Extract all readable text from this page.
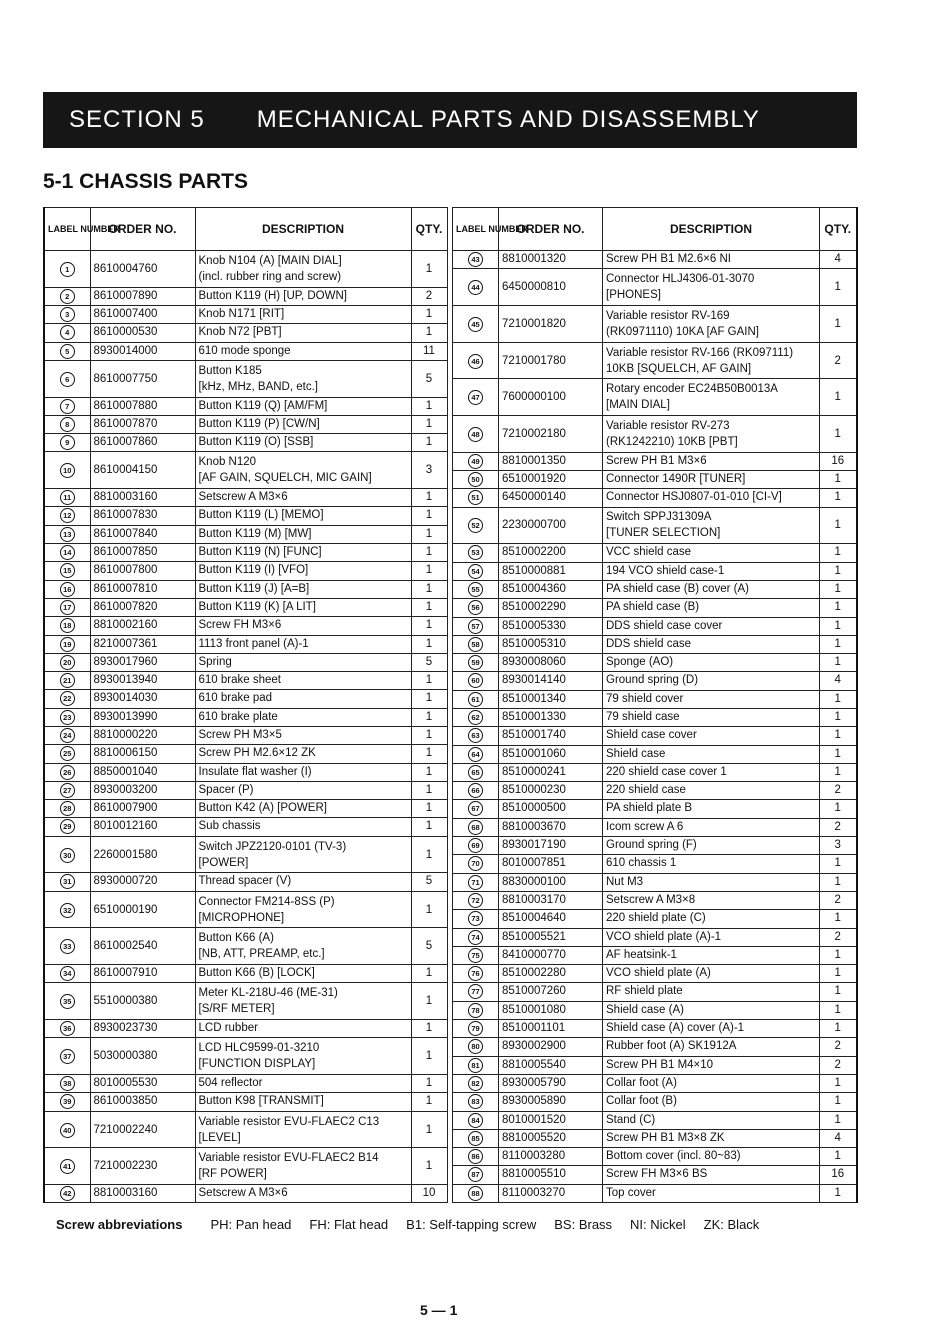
SECTION 5 MECHANICAL PARTS AND DISASSEMBLY
5-1 CHASSIS PARTS
LABEL NUMBER	ORDER NO.	DESCRIPTION	QTY.
1	8610004760	Knob N104 (A) [MAIN DIAL]
(incl. rubber ring and screw)	1
2	8610007890	Button K119 (H) [UP, DOWN]	2
3	8610007400	Knob N171 [RIT]	1
4	8610000530	Knob N72 [PBT]	1
5	8930014000	610 mode sponge	11
6	8610007750	Button K185
[kHz, MHz, BAND, etc.]	5
7	8610007880	Button K119 (Q) [AM/FM]	1
8	8610007870	Button K119 (P) [CW/N]	1
9	8610007860	Button K119 (O) [SSB]	1
10	8610004150	Knob N120
[AF GAIN, SQUELCH, MIC GAIN]	3
11	8810003160	Setscrew A M3×6	1
12	8610007830	Button K119 (L) [MEMO]	1
13	8610007840	Button K119 (M) [MW]	1
14	8610007850	Button K119 (N) [FUNC]	1
15	8610007800	Button K119 (I) [VFO]	1
16	8610007810	Button K119 (J) [A=B]	1
17	8610007820	Button K119 (K) [A LIT]	1
18	8810002160	Screw FH M3×6	1
19	8210007361	1113 front panel (A)-1	1
20	8930017960	Spring	5
21	8930013940	610 brake sheet	1
22	8930014030	610 brake pad	1
23	8930013990	610 brake plate	1
24	8810000220	Screw PH M3×5	1
25	8810006150	Screw PH M2.6×12 ZK	1
26	8850001040	Insulate flat washer (I)	1
27	8930003200	Spacer (P)	1
28	8610007900	Button K42 (A) [POWER]	1
29	8010012160	Sub chassis	1
30	2260001580	Switch JPZ2120-0101 (TV-3)
[POWER]	1
31	8930000720	Thread spacer (V)	5
32	6510000190	Connector FM214-8SS (P)
[MICROPHONE]	1
33	8610002540	Button K66 (A)
[NB, ATT, PREAMP, etc.]	5
34	8610007910	Button K66 (B) [LOCK]	1
35	5510000380	Meter KL-218U-46 (ME-31)
[S/RF METER]	1
36	8930023730	LCD rubber	1
37	5030000380	LCD HLC9599-01-3210
[FUNCTION DISPLAY]	1
38	8010005530	504 reflector	1
39	8610003850	Button K98 [TRANSMIT]	1
40	7210002240	Variable resistor EVU-FLAEC2 C13
[LEVEL]	1
41	7210002230	Variable resistor EVU-FLAEC2 B14
[RF POWER]	1
42	8810003160	Setscrew A M3×6	10
LABEL NUMBER	ORDER NO.	DESCRIPTION	QTY.
43	8810001320	Screw PH B1 M2.6×6 NI	4
44	6450000810	Connector HLJ4306-01-3070
[PHONES]	1
45	7210001820	Variable resistor RV-169
(RK0971110) 10KA [AF GAIN]	1
46	7210001780	Variable resistor RV-166 (RK097111)
10KB [SQUELCH, AF GAIN]	2
47	7600000100	Rotary encoder EC24B50B0013A
[MAIN DIAL]	1
48	7210002180	Variable resistor RV-273
(RK1242210) 10KB [PBT]	1
49	8810001350	Screw PH B1 M3×6	16
50	6510001920	Connector 1490R [TUNER]	1
51	6450000140	Connector HSJ0807-01-010 [CI-V]	1
52	2230000700	Switch SPPJ31309A
[TUNER SELECTION]	1
53	8510002200	VCC shield case	1
54	8510000881	194 VCO shield case-1	1
55	8510004360	PA shield case (B) cover (A)	1
56	8510002290	PA shield case (B)	1
57	8510005330	DDS shield case cover	1
58	8510005310	DDS shield case	1
59	8930008060	Sponge (AO)	1
60	8930014140	Ground spring (D)	4
61	8510001340	79 shield cover	1
62	8510001330	79 shield case	1
63	8510001740	Shield case cover	1
64	8510001060	Shield case	1
65	8510000241	220 shield case cover 1	1
66	8510000230	220 shield case	2
67	8510000500	PA shield plate B	1
68	8810003670	Icom screw A 6	2
69	8930017190	Ground spring (F)	3
70	8010007851	610 chassis 1	1
71	8830000100	Nut M3	1
72	8810003170	Setscrew A M3×8	2
73	8510004640	220 shield plate (C)	1
74	8510005521	VCO shield plate (A)-1	2
75	8410000770	AF heatsink-1	1
76	8510002280	VCO shield plate (A)	1
77	8510007260	RF shield plate	1
78	8510001080	Shield case (A)	1
79	8510001101	Shield case (A) cover (A)-1	1
80	8930002900	Rubber foot (A) SK1912A	2
81	8810005540	Screw PH B1 M4×10	2
82	8930005790	Collar foot (A)	1
83	8930005890	Collar foot (B)	1
84	8010001520	Stand (C)	1
85	8810005520	Screw PH B1 M3×8 ZK	4
86	8110003280	Bottom cover (incl. 80~83)	1
87	8810005510	Screw FH M3×6 BS	16
88	8110003270	Top cover	1
Screw abbreviations PH: Pan head FH: Flat head B1: Self-tapping screw BS: Brass NI: Nickel ZK: Black
5 — 1
